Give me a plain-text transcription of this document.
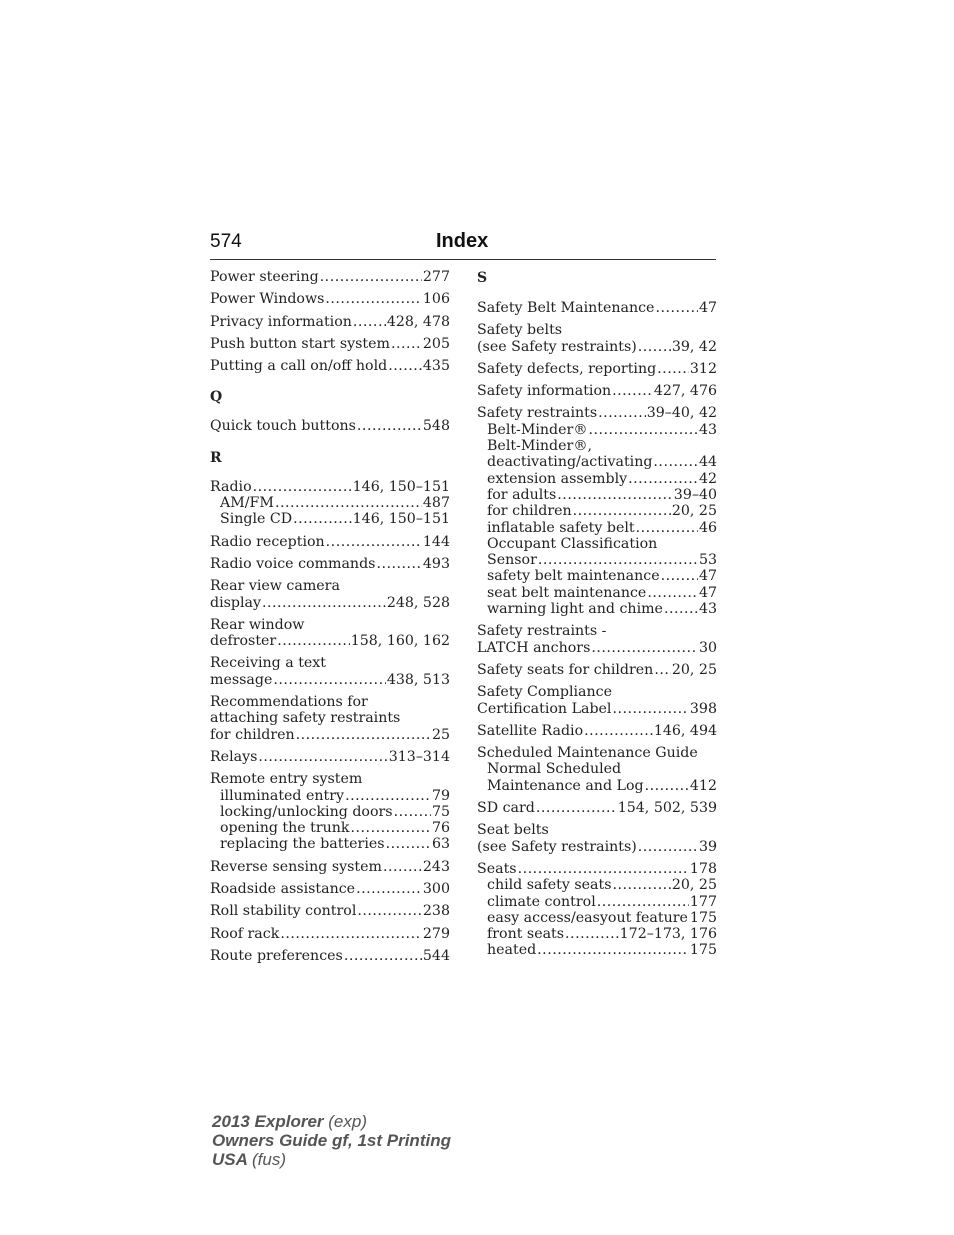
574	Index
Power steering .....	277
Power Windows .....	106
Privacy information ..... 428, 478
Push button start system ..... 205
Putting a call on/off hold .....	435
Q
Quick touch buttons .....	548
R
Radio .....	146, 150–151
AM/FM .....	487
Single CD .....	146, 150–151
Radio reception .....	144
Radio voice commands .....	493
Rear view camera
display .....	248, 528
Rear window
defroster .....	158, 160, 162
Receiving a text
message .....	438, 513
Recommendations for
attaching safety restraints
for children .....	25
Relays .....	313–314
Remote entry system
illuminated entry .....	79
locking/unlocking doors .....	75
opening the trunk .....	76
replacing the batteries .....	63
Reverse sensing system .....	243
Roadside assistance .....	300
Roll stability control .....	238
Roof rack .....	279
Route preferences .....	544
S
Safety Belt Maintenance .....	47
Safety belts
(see Safety restraints) ..... 39, 42
Safety defects, reporting ..... 312
Safety information .....	427, 476
Safety restraints .....	39–40, 42
Belt-Minder® .....	43
Belt-Minder®,
deactivating/activating .....	44
extension assembly .....	42
for adults .....	39–40
for children .....	20, 25
inflatable safety belt .....	46
Occupant Classification
Sensor .....	53
safety belt maintenance .....	47
seat belt maintenance .....	47
warning light and chime .....	43
Safety restraints -
LATCH anchors .....	30
Safety seats for children ..... 20, 25
Safety Compliance
Certification Label .....	398
Satellite Radio .....	146, 494
Scheduled Maintenance Guide
Normal Scheduled
Maintenance and Log .....	412
SD card .....	154, 502, 539
Seat belts
(see Safety restraints) .....	39
Seats .....	178
child safety seats .....	20, 25
climate control .....	177
easy access/easyout feature 175
front seats .....	172–173, 176
heated .....	175
2013 Explorer (exp)
Owners Guide gf, 1st Printing
USA (fus)
